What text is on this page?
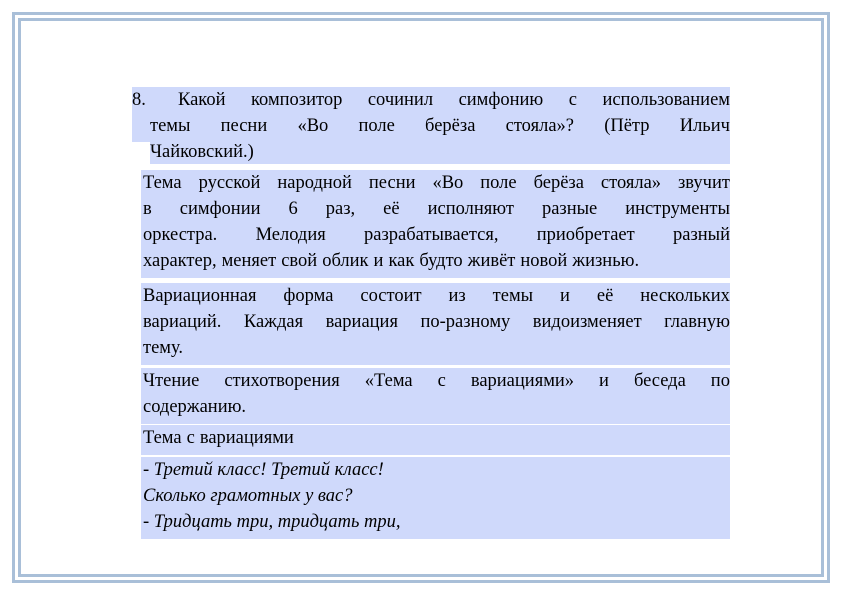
8. Какой композитор сочинил симфонию с использованием
темы песни «Во поле берёза стояла»? (Пётр Ильич
Чайковский.)
Тема русской народной песни «Во поле берёза стояла» звучит
в симфонии 6 раз, её исполняют разные инструменты
оркестра. Мелодия разрабатывается, приобретает разный
характер, меняет свой облик и как будто живёт новой жизнью.
Вариационная форма состоит из темы и её нескольких
вариаций. Каждая вариация по-разному видоизменяет главную
тему.
Чтение стихотворения «Тема с вариациями» и беседа по
содержанию.
Тема с вариациями
- Третий класс! Третий класс!
Сколько грамотных у вас?
- Тридцать три, тридцать три,
